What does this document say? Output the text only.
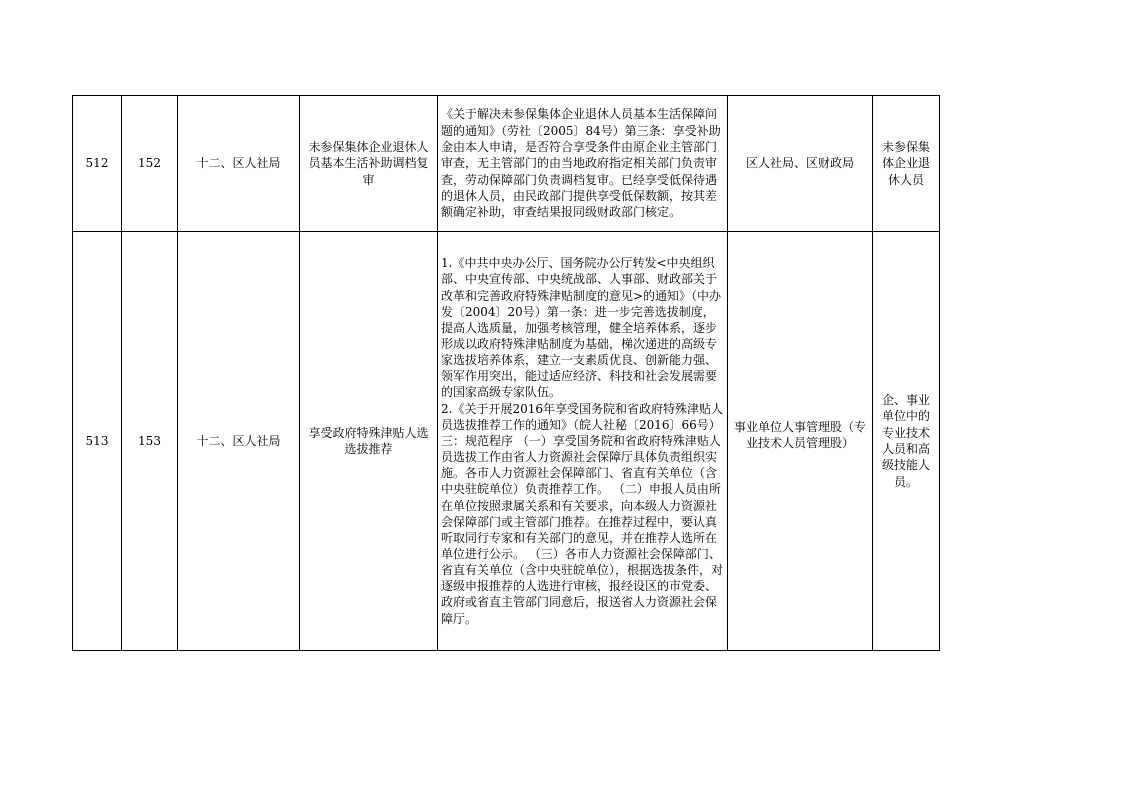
512	152	十二、区人社局	未参保集体企业退休人员基本生活补助调档复审	《关于解决未参保集体企业退休人员基本生活保障问题的通知》（劳社〔2005〕84号）第三条：享受补助金由本人申请，是否符合享受条件由原企业主管部门审查，无主管部门的由当地政府指定相关部门负责审查，劳动保障部门负责调档复审。已经享受低保待遇的退休人员，由民政部门提供享受低保数额，按其差额确定补助，审查结果报同级财政部门核定。	区人社局、区财政局	未参保集体企业退休人员
513	153	十二、区人社局	享受政府特殊津贴人选选拔推荐	1.《中共中央办公厅、国务院办公厅转发<中央组织部、中央宣传部、中央统战部、人事部、财政部关于改革和完善政府特殊津贴制度的意见>的通知》（中办发〔2004〕20号）第一条：进一步完善选拔制度，提高人选质量，加强考核管理，健全培养体系，逐步形成以政府特殊津贴制度为基础，梯次递进的高级专家选拔培养体系，建立一支素质优良、创新能力强、领军作用突出，能过适应经济、科技和社会发展需要的国家高级专家队伍。
2.《关于开展2016年享受国务院和省政府特殊津贴人员选拔推荐工作的通知》（皖人社秘〔2016〕66号）三：规范程序 （一）享受国务院和省政府特殊津贴人员选拔工作由省人力资源社会保障厅具体负责组织实施。各市人力资源社会保障部门、省直有关单位（含中央驻皖单位）负责推荐工作。 （二）申报人员由所在单位按照隶属关系和有关要求，向本级人力资源社会保障部门或主管部门推荐。在推荐过程中，要认真听取同行专家和有关部门的意见，并在推荐人选所在单位进行公示。 （三）各市人力资源社会保障部门、省直有关单位（含中央驻皖单位），根据选拔条件，对逐级申报推荐的人选进行审核，报经设区的市党委、政府或省直主管部门同意后，报送省人力资源社会保障厅。	事业单位人事管理股（专业技术人员管理股）	企、事业单位中的专业技术人员和高级技能人员。
